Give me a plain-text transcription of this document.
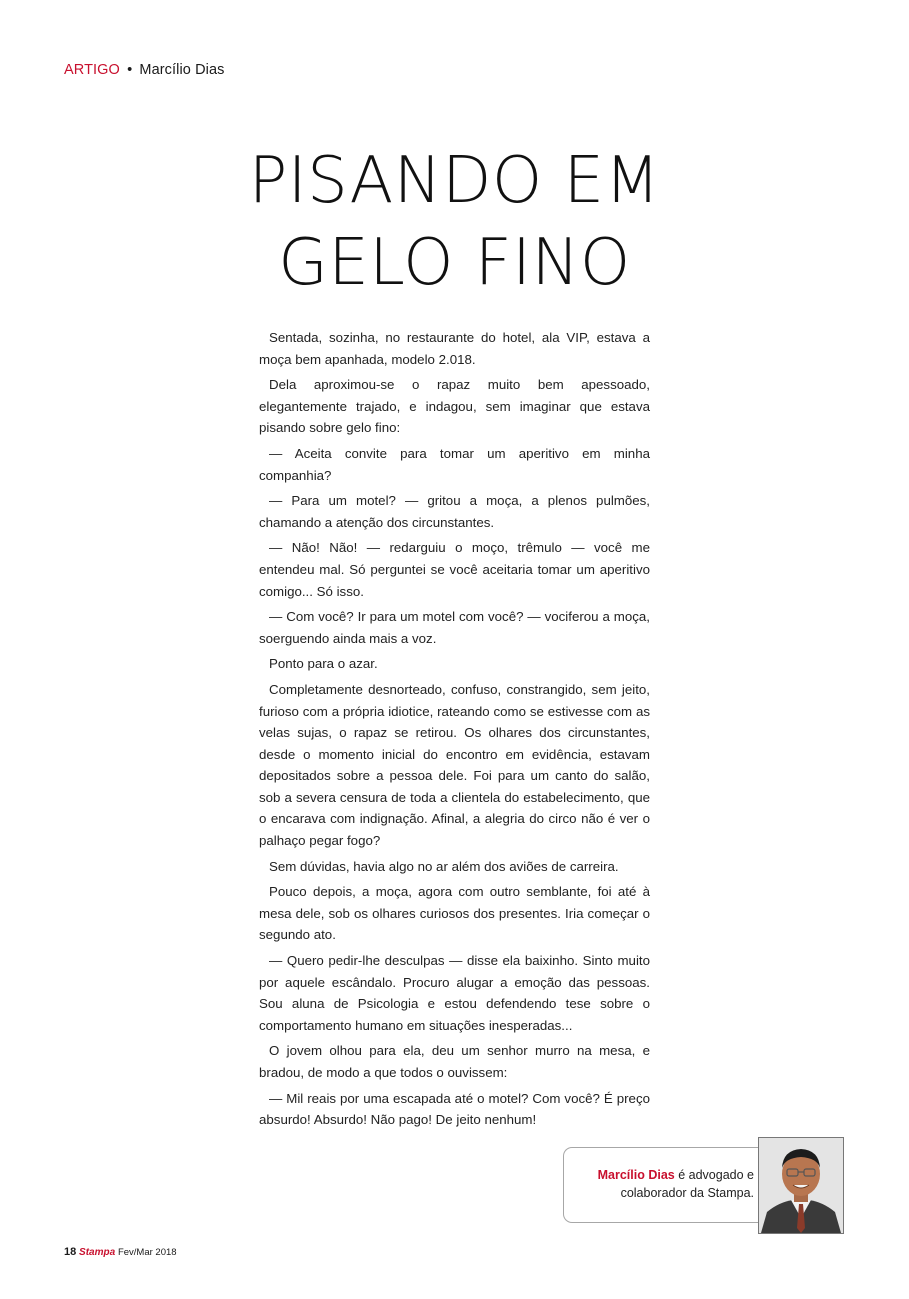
ARTIGO • Marcílio Dias
PISANDO EM
GELO FINO

Sentada, sozinha, no restaurante do hotel, ala VIP, estava a moça bem apanhada, modelo 2.018.

Dela aproximou-se o rapaz muito bem apessoado, elegantemente trajado, e indagou, sem imaginar que estava pisando sobre gelo fino:

— Aceita convite para tomar um aperitivo em minha companhia?

— Para um motel? — gritou a moça, a plenos pulmões, chamando a atenção dos circunstantes.

— Não! Não! — redarguiu o moço, trêmulo — você me entendeu mal. Só perguntei se você aceitaria tomar um aperitivo comigo... Só isso.

— Com você? Ir para um motel com você? — vociferou a moça, soerguendo ainda mais a voz.

Ponto para o azar.

Completamente desnorteado, confuso, constrangido, sem jeito, furioso com a própria idiotice, rateando como se estivesse com as velas sujas, o rapaz se retirou. Os olhares dos circunstantes, desde o momento inicial do encontro em evidência, estavam depositados sobre a pessoa dele. Foi para um canto do salão, sob a severa censura de toda a clientela do estabelecimento, que o encarava com indignação. Afinal, a alegria do circo não é ver o palhaço pegar fogo?

Sem dúvidas, havia algo no ar além dos aviões de carreira.

Pouco depois, a moça, agora com outro semblante, foi até à mesa dele, sob os olhares curiosos dos presentes. Iria começar o segundo ato.

— Quero pedir-lhe desculpas — disse ela baixinho. Sinto muito por aquele escândalo. Procuro alugar a emoção das pessoas. Sou aluna de Psicologia e estou defendendo tese sobre o comportamento humano em situações inesperadas...

O jovem olhou para ela, deu um senhor murro na mesa, e bradou, de modo a que todos o ouvissem:

— Mil reais por uma escapada até o motel? Com você? É preço absurdo! Absurdo! Não pago! De jeito nenhum!

Marcílio Dias é advogado e colaborador da Stampa.
18 Stampa Fev/Mar 2018
